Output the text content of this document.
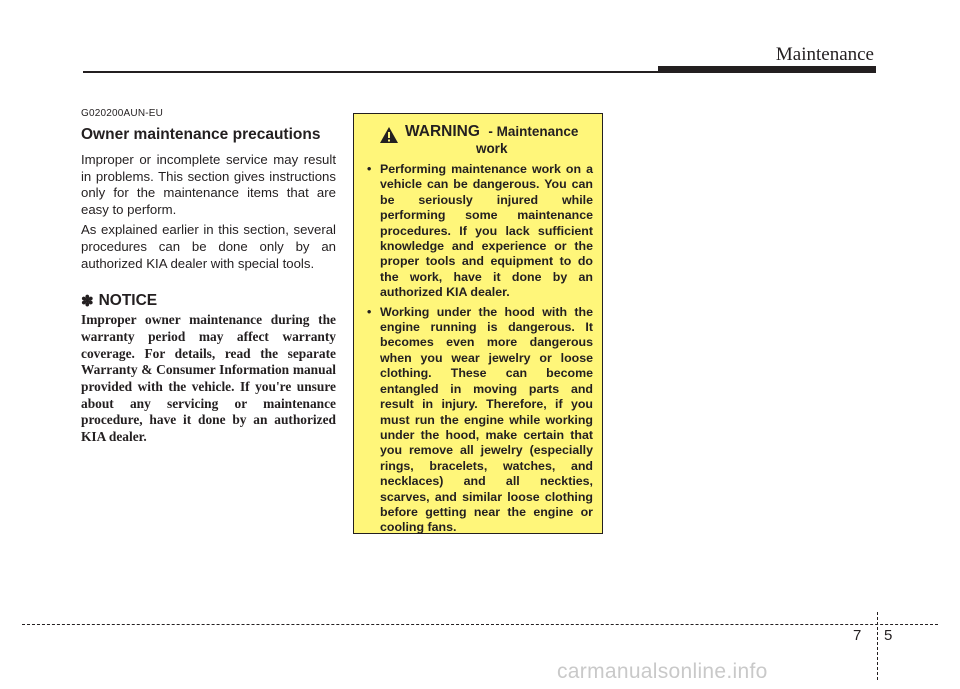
Maintenance

G020200AUN-EU

Owner maintenance precautions

Improper or incomplete service may result in problems. This section gives instructions only for the maintenance items that are easy to perform.

As explained earlier in this section, several procedures can be done only by an authorized KIA dealer with special tools.

✽ NOTICE

Improper owner maintenance during the warranty period may affect warranty coverage. For details, read the separate Warranty & Consumer Information manual provided with the vehicle. If you're unsure about any servicing or maintenance procedure, have it done by an authorized KIA dealer.

WARNING - Maintenance
work
• Performing maintenance work on a vehicle can be dangerous. You can be seriously injured while performing some maintenance procedures. If you lack sufficient knowledge and experience or the proper tools and equipment to do the work, have it done by an authorized KIA dealer.
• Working under the hood with the engine running is dangerous. It becomes even more dangerous when you wear jewelry or loose clothing. These can become entangled in moving parts and result in injury. Therefore, if you must run the engine while working under the hood, make certain that you remove all jewelry (especially rings, bracelets, watches, and necklaces) and all neckties, scarves, and similar loose clothing before getting near the engine or cooling fans.
7 5
carmanualsonline.info
